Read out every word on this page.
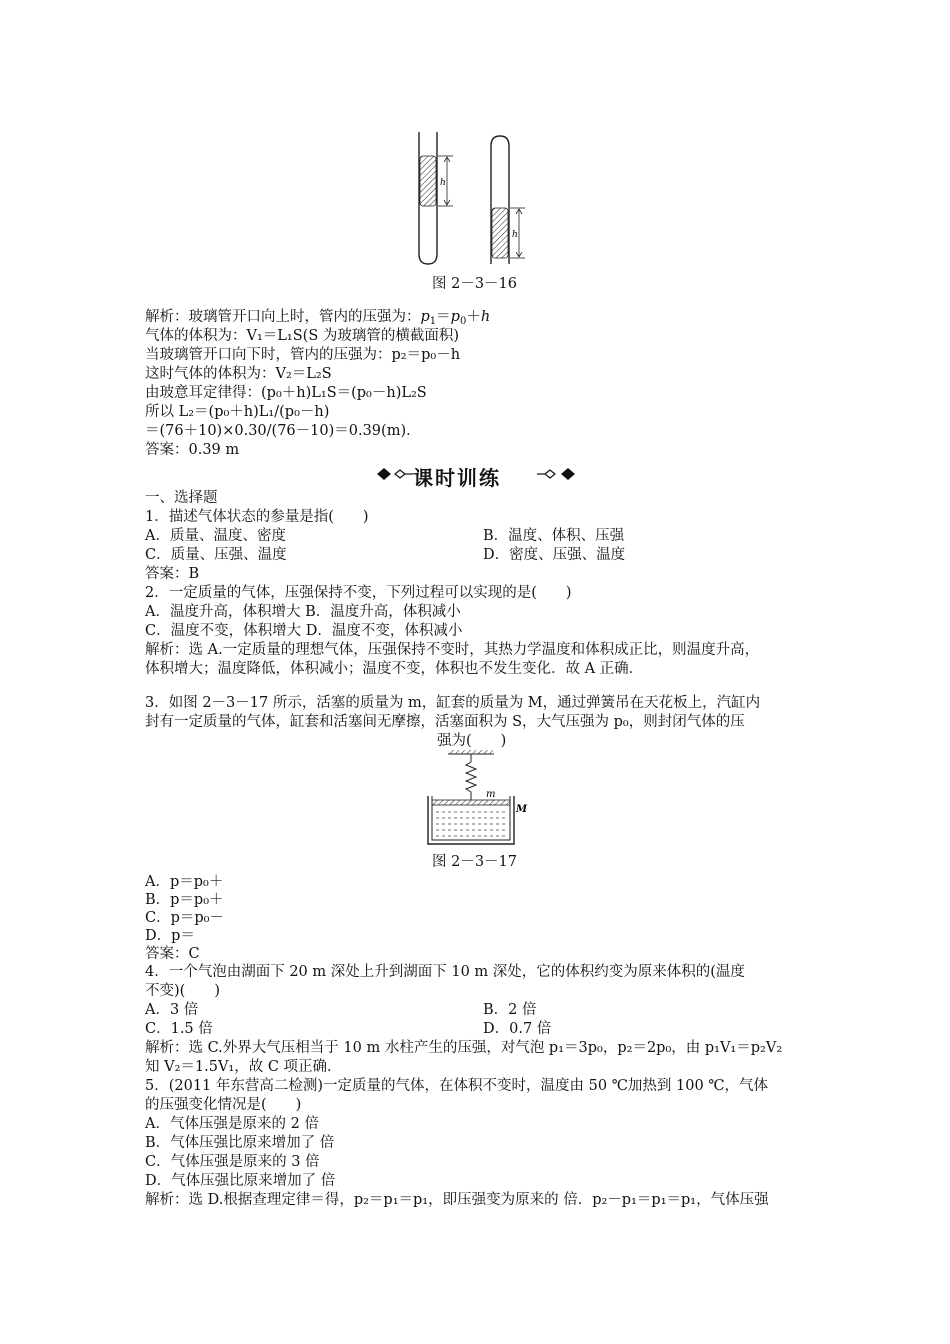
h
h
图 2－3－16
解析：玻璃管开口向上时，管内的压强为：$p_1=p_0+h$
气体的体积为：V₁＝L₁S(S 为玻璃管的横截面积)
当玻璃管开口向下时，管内的压强为：p₂＝p₀－h
这时气体的体积为：V₂＝L₂S
由玻意耳定律得：(p₀＋h)L₁S＝(p₀－h)L₂S
所以 L₂＝(p₀＋h)L₁/(p₀－h)
＝(76＋10)×0.30/(76－10)＝0.39(m)．
答案：0.39 m
课时训练
一、选择题
1．描述气体状态的参量是指(　　)
A．质量、温度、密度	B．温度、体积、压强
C．质量、压强、温度	D．密度、压强、温度
答案：B
2．一定质量的气体，压强保持不变，下列过程可以实现的是(　　)
A．温度升高，体积增大 B．温度升高，体积减小
C．温度不变，体积增大 D．温度不变，体积减小
解析：选 A.一定质量的理想气体，压强保持不变时，其热力学温度和体积成正比，则温度升高，
体积增大；温度降低，体积减小；温度不变，体积也不发生变化．故 A 正确．
3．如图 2－3－17 所示，活塞的质量为 m，缸套的质量为 M，通过弹簧吊在天花板上，汽缸内
封有一定质量的气体，缸套和活塞间无摩擦，活塞面积为 S，大气压强为 p₀，则封闭气体的压
强为(　　)
A．p＝p₀＋
B．p＝p₀＋
C．p＝p₀－
D．p＝
答案：C
4．一个气泡由湖面下 20 m 深处上升到湖面下 10 m 深处，它的体积约变为原来体积的(温度
不变)(　　)
A．3 倍	B．2 倍
C．1.5 倍	D．0.7 倍
解析：选 C.外界大气压相当于 10 m 水柱产生的压强，对气泡 p₁＝3p₀，p₂＝2p₀，由 p₁V₁＝p₂V₂
知 V₂＝1.5V₁，故 C 项正确．
5．(2011 年东营高二检测)一定质量的气体，在体积不变时，温度由 50 ℃加热到 100 ℃，气体
的压强变化情况是(　　)
A．气体压强是原来的 2 倍
B．气体压强比原来增加了 倍
C．气体压强是原来的 3 倍
D．气体压强比原来增加了 倍
解析：选 D.根据查理定律＝得，p₂＝p₁＝p₁，即压强变为原来的 倍．p₂－p₁＝p₁＝p₁，气体压强
m
M
图 2－3－17
